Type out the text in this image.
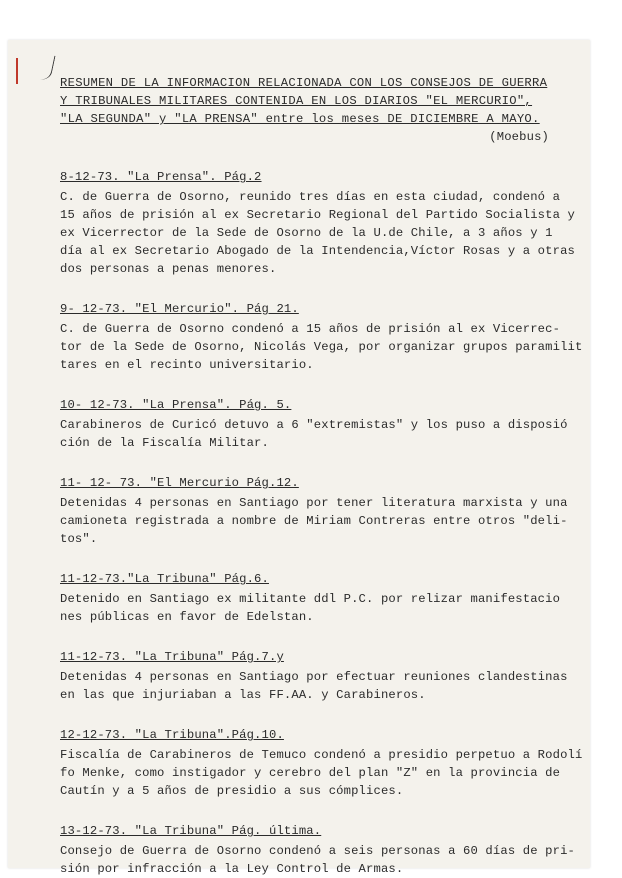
RESUMEN DE LA INFORMACION RELACIONADA CON LOS CONSEJOS DE GUERRA

Y TRIBUNALES MILITARES CONTENIDA EN LOS DIARIOS "EL MERCURIO",

"LA SEGUNDA" y "LA PRENSA" entre los meses DE DICIEMBRE A MAYO.

(Moebus)

8-12-73. "La Prensa". Pág.2

C. de Guerra de Osorno, reunido tres días en esta ciudad, condenó a

15 años de prisión al ex Secretario Regional del Partido Socialista y

ex Vicerrector de la Sede de Osorno de la U.de Chile, a 3 años y 1

día al ex Secretario Abogado de la Intendencia,Víctor Rosas y a otras

dos personas a penas menores.

9- 12-73. "El Mercurio". Pág 21.

C. de Guerra de Osorno condenó a 15 años de prisión al ex Vicerrec-

tor de la Sede de Osorno, Nicolás Vega, por organizar grupos paramilit

tares en el recinto universitario.

10- 12-73. "La Prensa". Pág. 5.

Carabineros de Curicó detuvo a 6 "extremistas" y los puso a disposió

ción de la Fiscalía Militar.

11- 12- 73. "El Mercurio Pág.12.

Detenidas 4 personas en Santiago por tener literatura marxista y una

camioneta registrada a nombre de Miriam Contreras entre otros "deli-

tos".

11-12-73."La Tribuna" Pág.6.

Detenido en Santiago ex militante ddl P.C. por relizar manifestacio

nes públicas en favor de Edelstan.

11-12-73. "La Tribuna" Pág.7.y

Detenidas 4 personas en Santiago por efectuar reuniones clandestinas

en las que injuriaban a las FF.AA. y Carabineros.

12-12-73. "La Tribuna".Pág.10.

Fiscalía de Carabineros de Temuco condenó a presidio perpetuo a Rodolí

fo Menke, como instigador y cerebro del plan "Z" en la provincia de

Cautín y a 5 años de presidio a sus cómplices.

13-12-73. "La Tribuna" Pág. última.

Consejo de Guerra de Osorno condenó a seis personas a 60 días de pri-

sión por infracción a la Ley Control de Armas.
